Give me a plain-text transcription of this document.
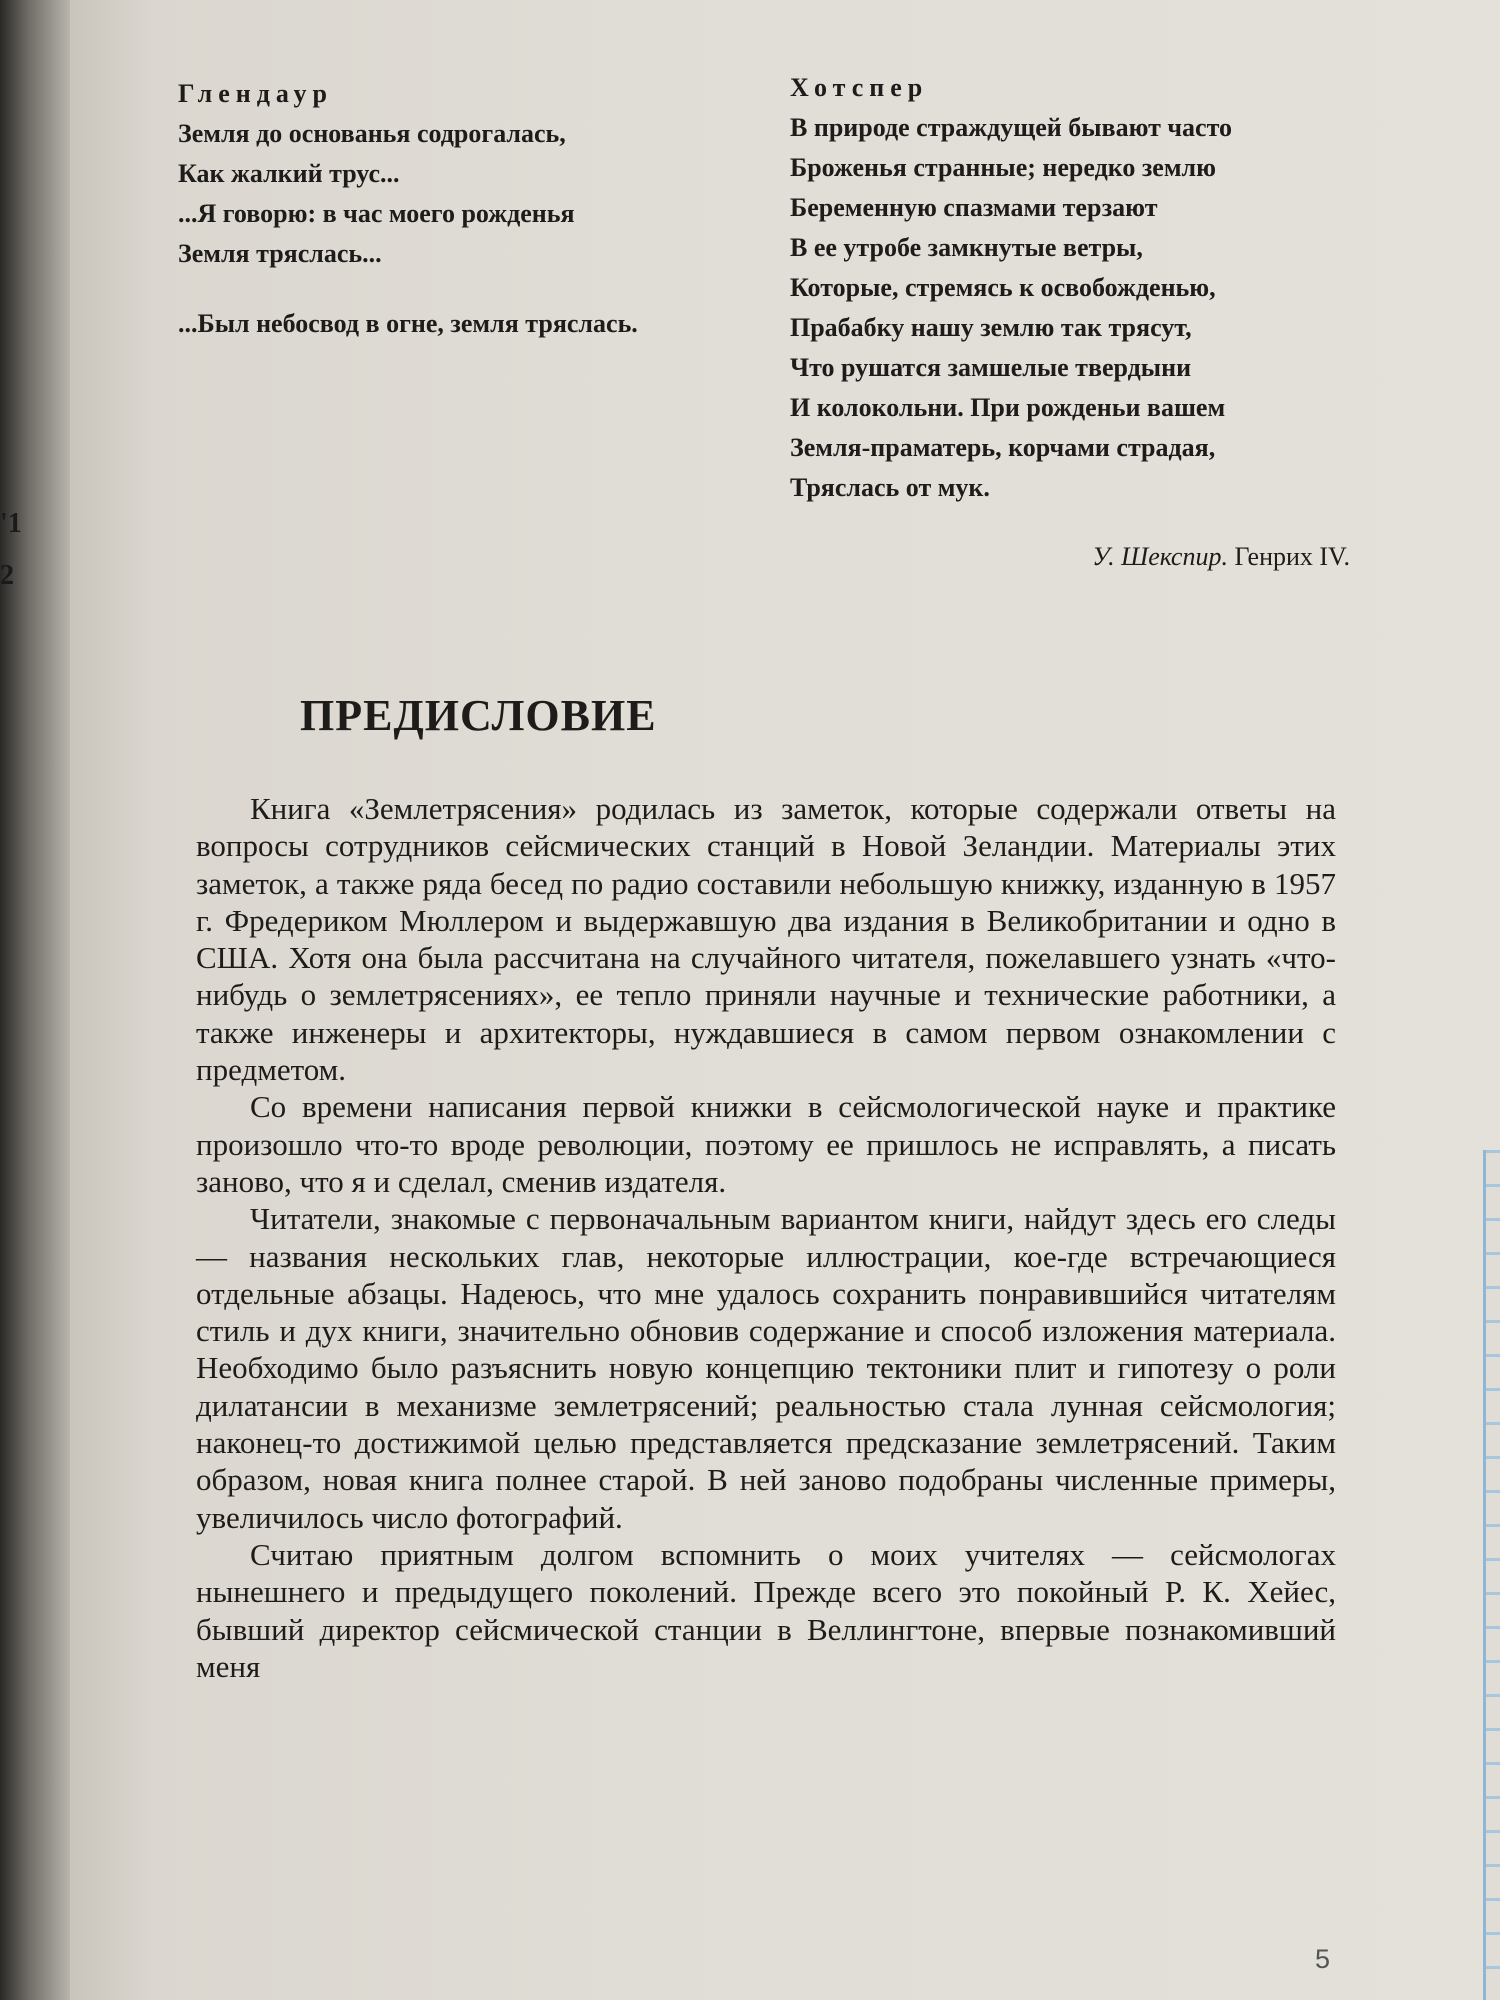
'1
2
Глендаур
Земля до основанья содрогалась,
Как жалкий трус...
...Я говорю: в час моего рожденья
Земля тряслась...
...Был небосвод в огне, земля тряслась.
Хотспер
В природе страждущей бывают часто
Броженья странные; нередко землю
Беременную спазмами терзают
В ее утробе замкнутые ветры,
Которые, стремясь к освобожденью,
Прабабку нашу землю так трясут,
Что рушатся замшелые твердыни
И колокольни. При рожденьи вашем
Земля-праматерь, корчами страдая,
Тряслась от мук.
У. Шекспир. Генрих IV.
ПРЕДИСЛОВИЕ

Книга «Землетрясения» родилась из заметок, которые содержали ответы на вопросы сотрудников сейсмических станций в Новой Зеландии. Материалы этих заметок, а также ряда бесед по радио составили небольшую книжку, изданную в 1957 г. Фредериком Мюллером и выдержавшую два издания в Великобритании и одно в США. Хотя она была рассчитана на случайного читателя, пожелавшего узнать «что-нибудь о землетрясениях», ее тепло приняли научные и технические работники, а также инженеры и архитекторы, нуждавшиеся в самом первом ознакомлении с предметом.

Со времени написания первой книжки в сейсмологической науке и практике произошло что-то вроде революции, поэтому ее пришлось не исправлять, а писать заново, что я и сделал, сменив издателя.

Читатели, знакомые с первоначальным вариантом книги, найдут здесь его следы — названия нескольких глав, некоторые иллюстрации, кое-где встречающиеся отдельные абзацы. Надеюсь, что мне удалось сохранить понравившийся читателям стиль и дух книги, значительно обновив содержание и способ изложения материала. Необходимо было разъяснить новую концепцию тектоники плит и гипотезу о роли дилатансии в механизме землетрясений; реальностью стала лунная сейсмология; наконец-то достижимой целью представляется предсказание землетрясений. Таким образом, новая книга полнее старой. В ней заново подобраны численные примеры, увеличилось число фотографий.

Считаю приятным долгом вспомнить о моих учителях — сейсмологах нынешнего и предыдущего поколений. Прежде всего это покойный Р. К. Хейес, бывший директор сейсмической станции в Веллингтоне, впервые познакомивший меня

5
